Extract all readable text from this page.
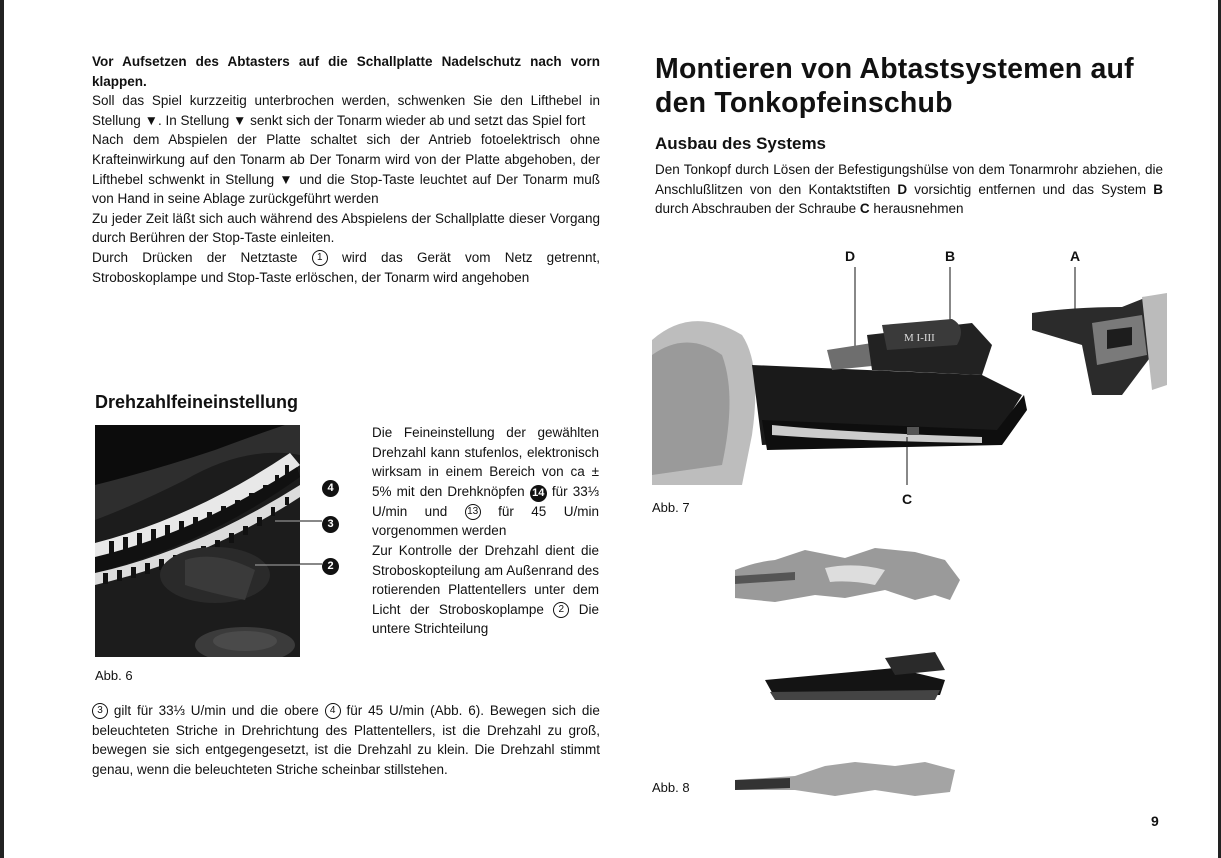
Vor Aufsetzen des Abtasters auf die Schallplatte Nadelschutz nach vorn klappen.

Soll das Spiel kurzzeitig unterbrochen werden, schwenken Sie den Lifthebel in Stellung ▼. In Stellung ▼ senkt sich der Tonarm wieder ab und setzt das Spiel fort

Nach dem Abspielen der Platte schaltet sich der Antrieb fotoelektrisch ohne Krafteinwirkung auf den Tonarm ab Der Tonarm wird von der Platte abgehoben, der Lifthebel schwenkt in Stellung ▼ und die Stop-Taste leuchtet auf Der Tonarm muß von Hand in seine Ablage zurückgeführt werden

Zu jeder Zeit läßt sich auch während des Abspielens der Schallplatte dieser Vorgang durch Berühren der Stop-Taste einleiten.

Durch Drücken der Netztaste 1 wird das Gerät vom Netz getrennt, Stroboskoplampe und Stop-Taste erlöschen, der Tonarm wird angehoben

Drehzahlfeineinstellung
4
3
2
Abb. 6

Die Feineinstellung der gewählten Drehzahl kann stufenlos, elektronisch wirksam in einem Bereich von ca ± 5% mit den Drehknöpfen 14 für 33⅓ U/min und 13 für 45 U/min vorgenommen werden
Zur Kontrolle der Drehzahl dient die Stroboskopteilung am Außenrand des rotierenden Plattentellers unter dem Licht der Stroboskoplampe 2 Die untere Strichteilung

3 gilt für 33⅓ U/min und die obere 4 für 45 U/min (Abb. 6). Bewegen sich die beleuchteten Striche in Drehrichtung des Plattentellers, ist die Drehzahl zu groß, bewegen sie sich entgegengesetzt, ist die Drehzahl zu klein. Die Drehzahl stimmt genau, wenn die beleuchteten Striche scheinbar stillstehen.

Montieren von Abtastsystemen auf den Tonkopfeinschub
Ausbau des Systems

Den Tonkopf durch Lösen der Befestigungshülse von dem Tonarmrohr abziehen, die Anschlußlitzen von den Kontaktstiften D vorsichtig entfernen und das System B durch Abschrauben der Schraube C herausnehmen

D	B	A
M I-III
C
Abb. 7
Abb. 8
9
